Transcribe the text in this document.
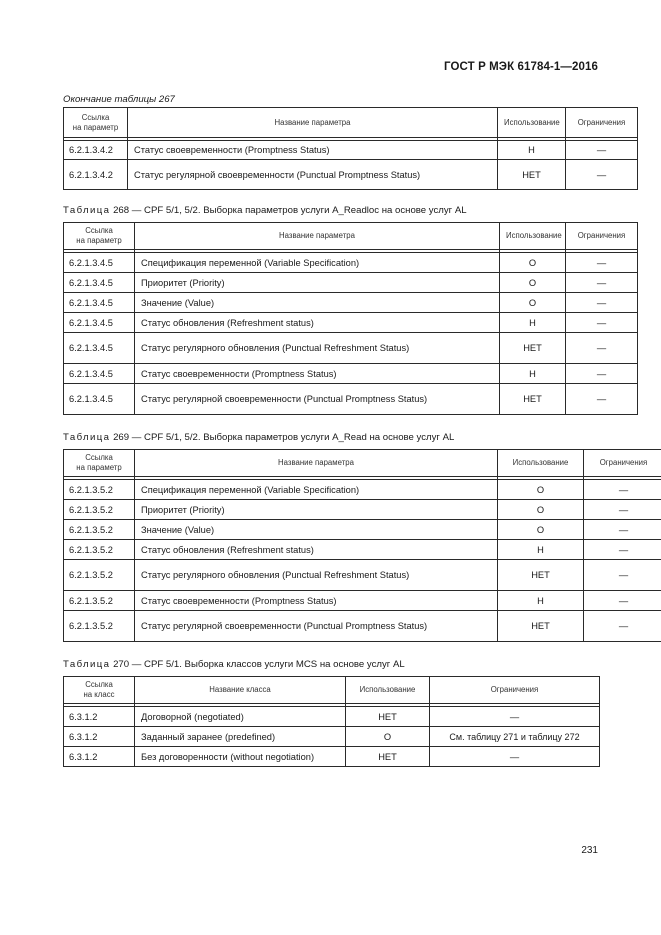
ГОСТ Р МЭК 61784-1—2016
Окончание таблицы 267
Ссылка
на параметр	Название параметра	Использование	Ограничения

6.2.1.3.4.2	Статус своевременности (Promptness Status)	Н	—
6.2.1.3.4.2	Статус регулярной своевременности (Punctual Promptness Status)	НЕТ	—
Таблица 268 — CPF 5/1, 5/2. Выборка параметров услуги A_Readloc на основе услуг AL
Ссылка
на параметр	Название параметра	Использование	Ограничения

6.2.1.3.4.5	Спецификация переменной (Variable Specification)	О	—
6.2.1.3.4.5	Приоритет (Priority)	О	—
6.2.1.3.4.5	Значение (Value)	О	—
6.2.1.3.4.5	Статус обновления (Refreshment status)	Н	—
6.2.1.3.4.5	Статус регулярного обновления (Punctual Refreshment Status)	НЕТ	—
6.2.1.3.4.5	Статус своевременности (Promptness Status)	Н	—
6.2.1.3.4.5	Статус регулярной своевременности (Punctual Promptness Status)	НЕТ	—
Таблица 269 — CPF 5/1, 5/2. Выборка параметров услуги A_Read на основе услуг AL
Ссылка
на параметр	Название параметра	Использование	Ограничения

6.2.1.3.5.2	Спецификация переменной (Variable Specification)	О	—
6.2.1.3.5.2	Приоритет (Priority)	О	—
6.2.1.3.5.2	Значение (Value)	О	—
6.2.1.3.5.2	Статус обновления (Refreshment status)	Н	—
6.2.1.3.5.2	Статус регулярного обновления (Punctual Refreshment Status)	НЕТ	—
6.2.1.3.5.2	Статус своевременности (Promptness Status)	Н	—
6.2.1.3.5.2	Статус регулярной своевременности (Punctual Promptness Status)	НЕТ	—
Таблица 270 — CPF 5/1. Выборка классов услуги MCS на основе услуг AL
Ссылка
на класс	Название класса	Использование	Ограничения

6.3.1.2	Договорной (negotiated)	НЕТ	—
6.3.1.2	Заданный заранее (predefined)	О	См. таблицу 271 и таблицу 272
6.3.1.2	Без договоренности (without negotiation)	НЕТ	—
231
